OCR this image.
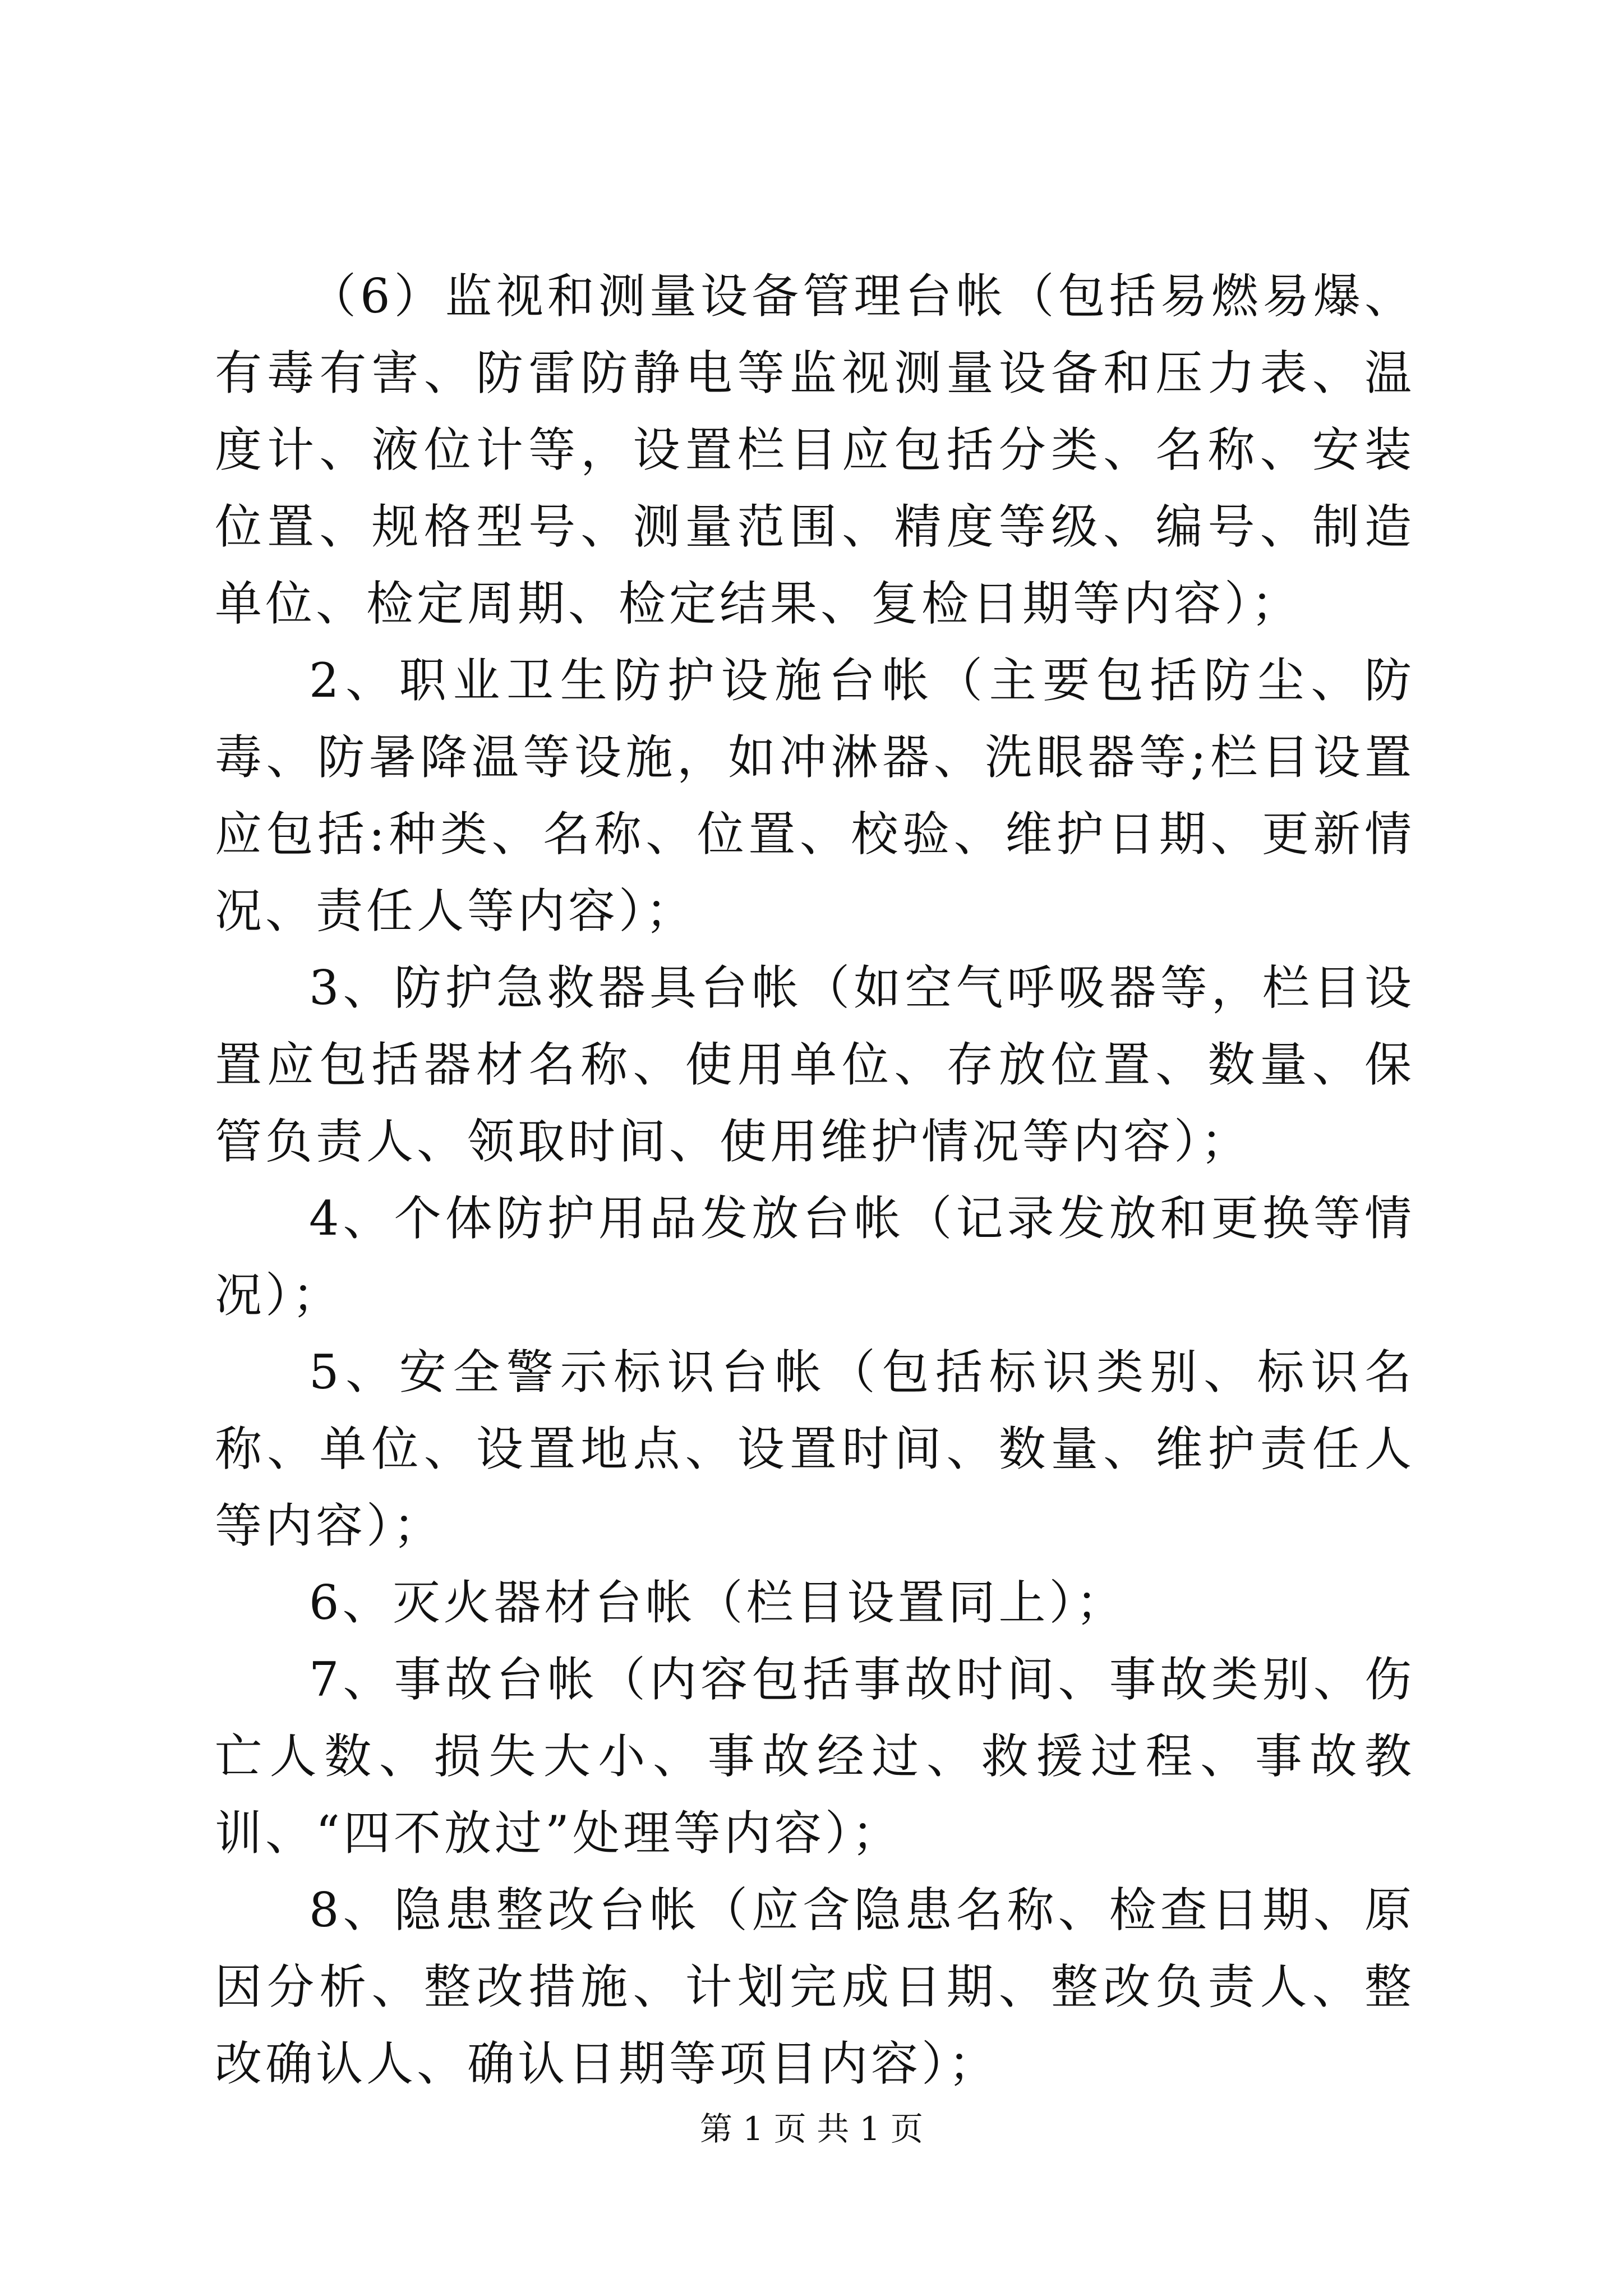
（6）监视和测量设备管理台帐（包括易燃易爆、有毒有害、防雷防静电等监视测量设备和压力表、温度计、液位计等，设置栏目应包括分类、名称、安装位置、规格型号、测量范围、精度等级、编号、制造单位、检定周期、检定结果、复检日期等内容）；

2、职业卫生防护设施台帐（主要包括防尘、防毒、防暑降温等设施，如冲淋器、洗眼器等;栏目设置应包括:种类、名称、位置、校验、维护日期、更新情况、责任人等内容）；

3、防护急救器具台帐（如空气呼吸器等，栏目设置应包括器材名称、使用单位、存放位置、数量、保管负责人、领取时间、使用维护情况等内容）；

4、个体防护用品发放台帐（记录发放和更换等情况）；

5、安全警示标识台帐（包括标识类别、标识名称、单位、设置地点、设置时间、数量、维护责任人等内容）；

6、灭火器材台帐（栏目设置同上）；

7、事故台帐（内容包括事故时间、事故类别、伤亡人数、损失大小、事故经过、救援过程、事故教训、“四不放过”处理等内容）；

8、隐患整改台帐（应含隐患名称、检查日期、原因分析、整改措施、计划完成日期、整改负责人、整改确认人、确认日期等项目内容）；

第 1 页 共 1 页
